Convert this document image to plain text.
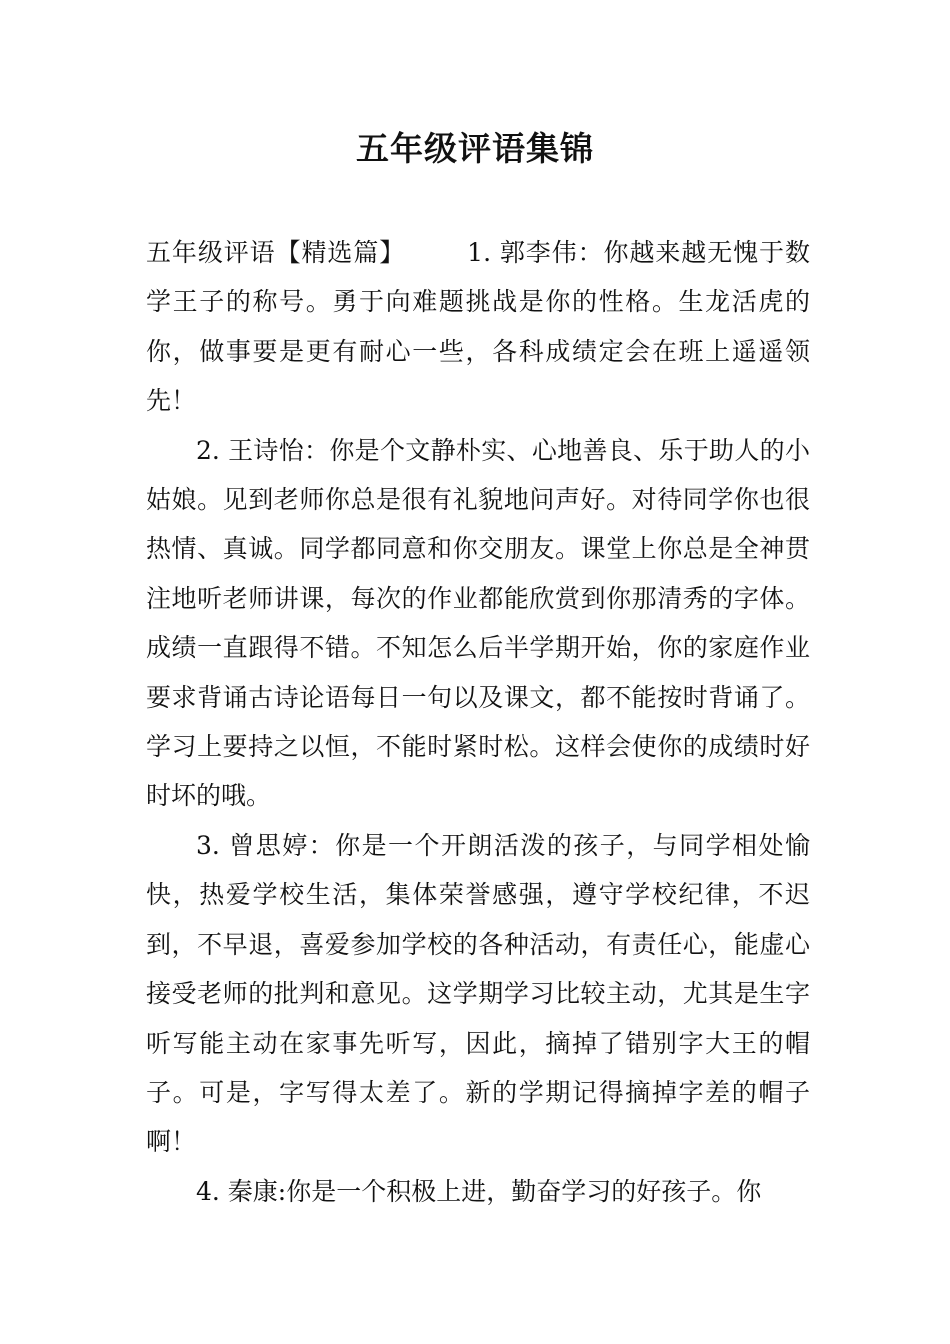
五年级评语集锦

五年级评语【精选篇】 1. 郭李伟：你越来越无愧于数学王子的称号。勇于向难题挑战是你的性格。生龙活虎的你，做事要是更有耐心一些，各科成绩定会在班上遥遥领先！

2. 王诗怡：你是个文静朴实、心地善良、乐于助人的小姑娘。见到老师你总是很有礼貌地问声好。对待同学你也很热情、真诚。同学都同意和你交朋友。课堂上你总是全神贯注地听老师讲课，每次的作业都能欣赏到你那清秀的字体。成绩一直跟得不错。不知怎么后半学期开始，你的家庭作业要求背诵古诗论语每日一句以及课文，都不能按时背诵了。学习上要持之以恒，不能时紧时松。这样会使你的成绩时好时坏的哦。

3. 曾思婷：你是一个开朗活泼的孩子，与同学相处愉快，热爱学校生活，集体荣誉感强，遵守学校纪律，不迟到，不早退，喜爱参加学校的各种活动，有责任心，能虚心接受老师的批判和意见。这学期学习比较主动，尤其是生字听写能主动在家事先听写，因此，摘掉了错别字大王的帽子。可是，字写得太差了。新的学期记得摘掉字差的帽子啊！

4. 秦康:你是一个积极上进，勤奋学习的好孩子。你
